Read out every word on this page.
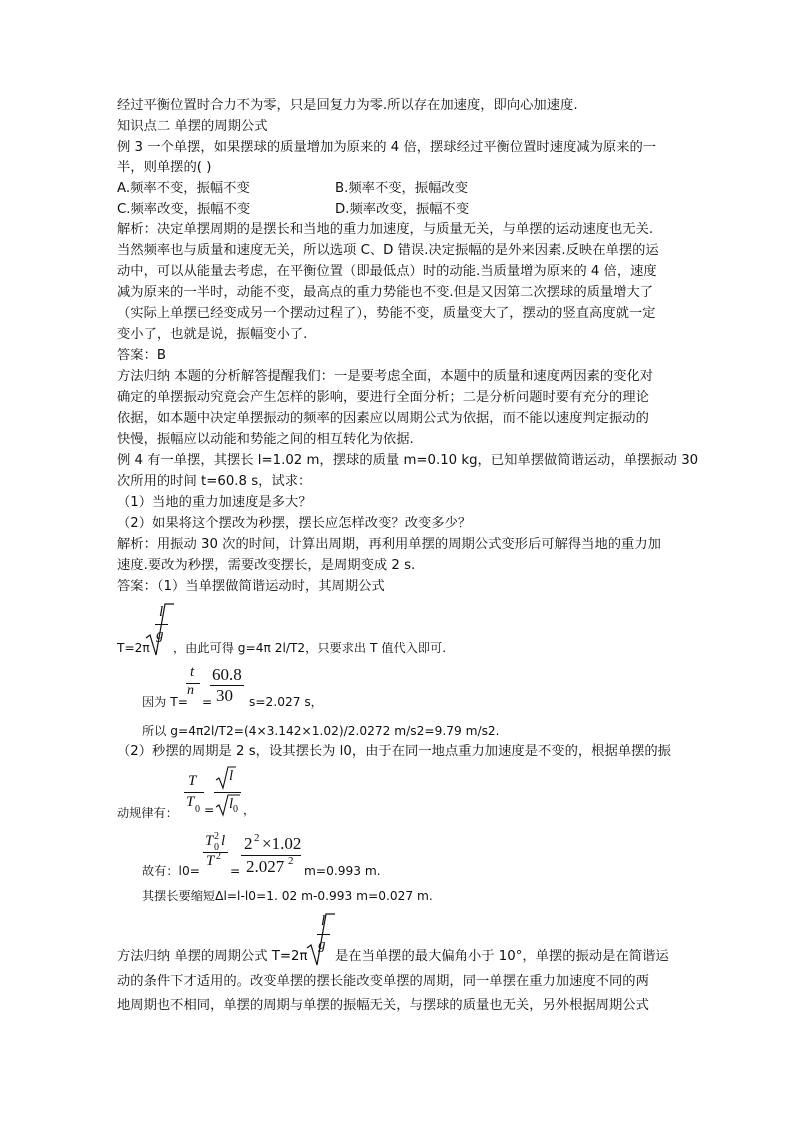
经过平衡位置时合力不为零，只是回复力为零.所以存在加速度，即向心加速度.
知识点二 单摆的周期公式
例 3 一个单摆，如果摆球的质量增加为原来的 4 倍，摆球经过平衡位置时速度减为原来的一
半，则单摆的( )
A.频率不变，振幅不变	B.频率不变，振幅改变
C.频率改变，振幅不变	D.频率改变，振幅不变
解析：决定单摆周期的是摆长和当地的重力加速度，与质量无关，与单摆的运动速度也无关.
当然频率也与质量和速度无关，所以选项 C、D 错误.决定振幅的是外来因素.反映在单摆的运
动中，可以从能量去考虑，在平衡位置（即最低点）时的动能.当质量增为原来的 4 倍，速度
减为原来的一半时，动能不变，最高点的重力势能也不变.但是又因第二次摆球的质量增大了
（实际上单摆已经变成另一个摆动过程了），势能不变，质量变大了，摆动的竖直高度就一定
变小了，也就是说，振幅变小了.
答案：B
方法归纳 本题的分析解答提醒我们：一是要考虑全面，本题中的质量和速度两因素的变化对
确定的单摆振动究竟会产生怎样的影响，要进行全面分析；二是分析问题时要有充分的理论
依据，如本题中决定单摆振动的频率的因素应以周期公式为依据，而不能以速度判定振动的
快慢，振幅应以动能和势能之间的相互转化为依据.
例 4 有一单摆，其摆长 l=1.02 m，摆球的质量 m=0.10 kg，已知单摆做简谐运动，单摆振动 30
次所用的时间 t=60.8 s，试求：
（1）当地的重力加速度是多大？
（2）如果将这个摆改为秒摆，摆长应怎样改变？改变多少？
解析：用振动 30 次的时间，计算出周期，再利用单摆的周期公式变形后可解得当地的重力加
速度.要改为秒摆，需要改变摆长，是周期变成 2 s.
答案：（1）当单摆做简谐运动时，其周期公式
T=2π
l
g
，由此可得 g=4π 2l/T2，只要求出 T 值代入即可.
t
n
60.8
30
因为 T= =	s=2.027 s，
所以 g=4π2l/T2=(4×3.142×1.02)/2.0272 m/s2=9.79 m/s2.
（2）秒摆的周期是 2 s，设其摆长为 l0，由于在同一地点重力加速度是不变的，根据单摆的振
T
T 0
l
l 0
动规律有： = ，
T 2
0 l
T 2
2 2 ×1.02
2.027 2
故有：l0= =	m=0.993 m.
其摆长要缩短Δl=l-l0=1. 02 m-0.993 m=0.027 m.
方法归纳 单摆的周期公式 T=2π
l
g
是在当单摆的最大偏角小于 10°，单摆的振动是在简谐运
动的条件下才适用的。改变单摆的摆长能改变单摆的周期，同一单摆在重力加速度不同的两
地周期也不相同，单摆的周期与单摆的振幅无关，与摆球的质量也无关，另外根据周期公式
